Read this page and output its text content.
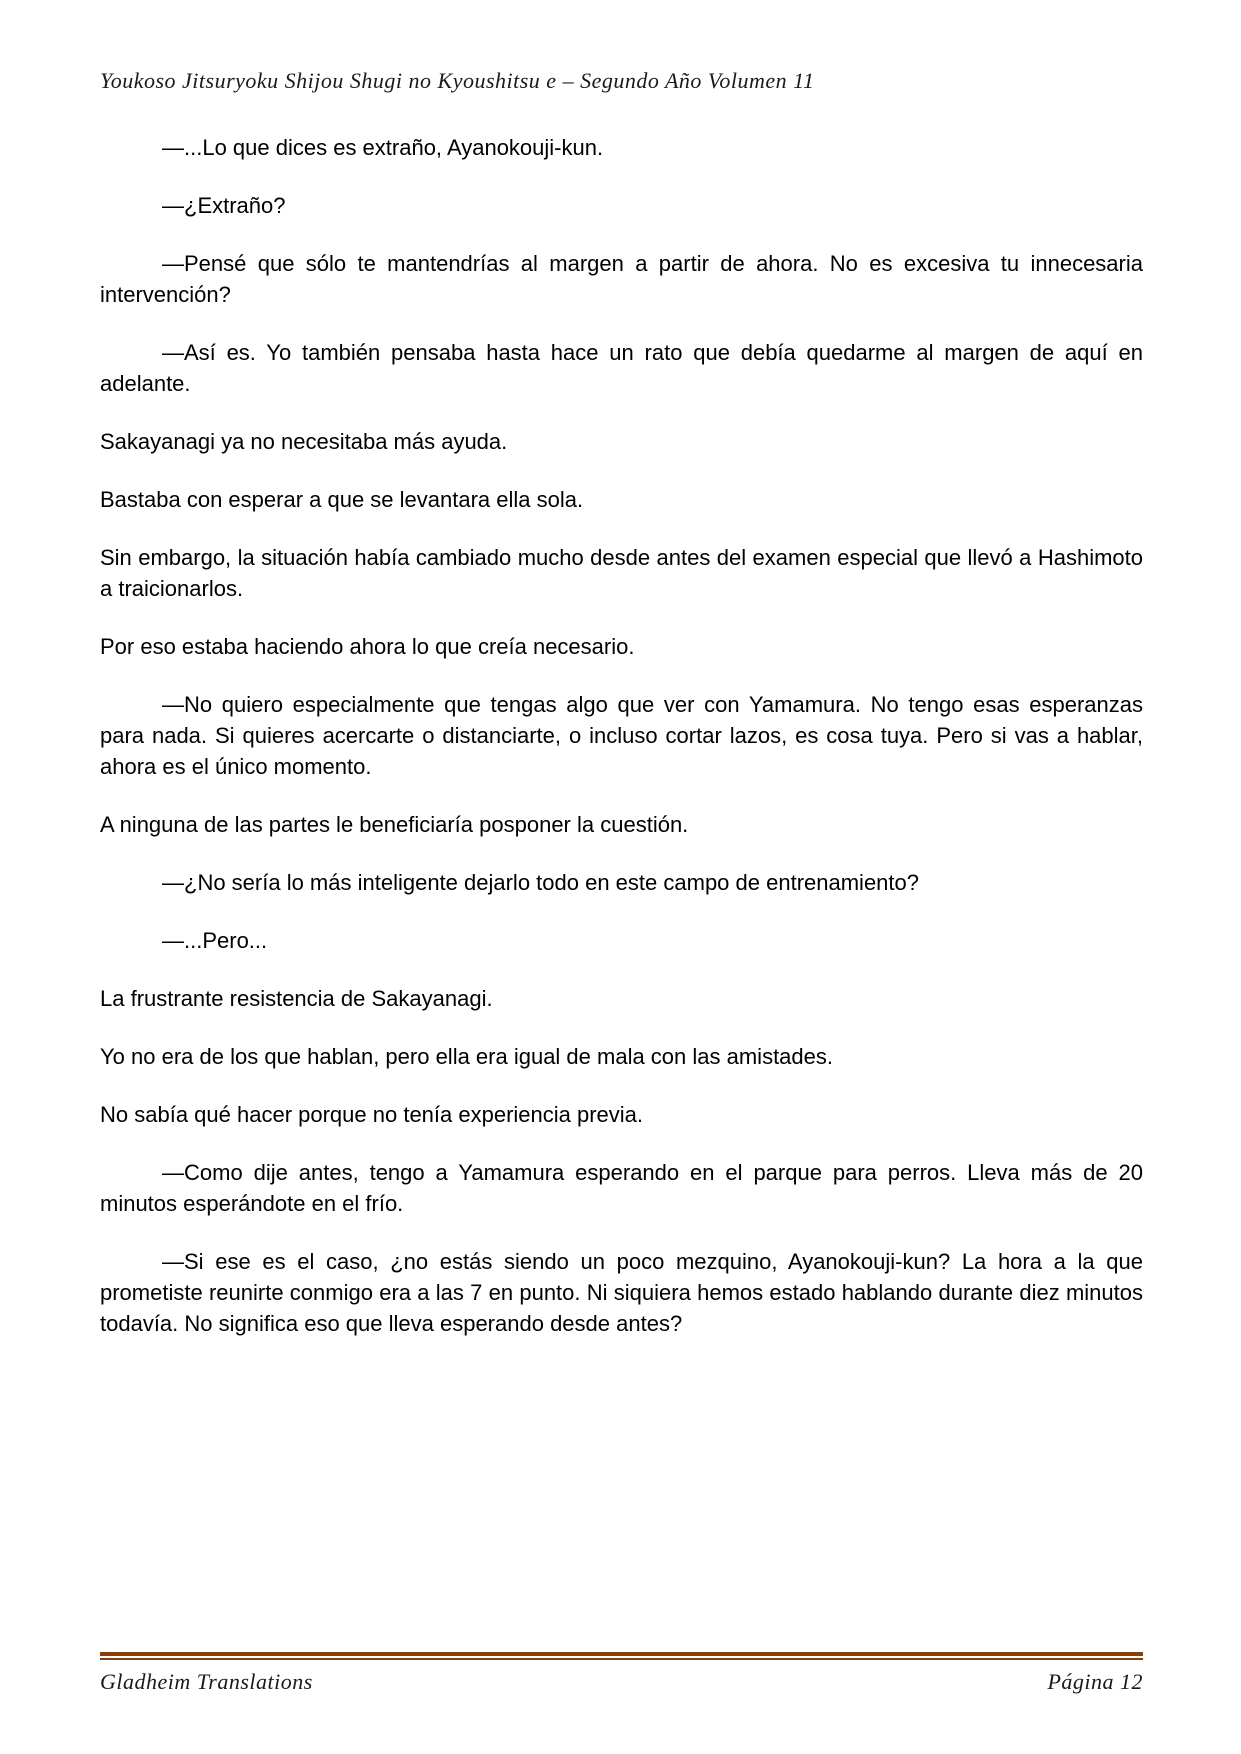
Youkoso Jitsuryoku Shijou Shugi no Kyoushitsu e – Segundo Año Volumen 11

—...Lo que dices es extraño, Ayanokouji-kun.

—¿Extraño?

—Pensé que sólo te mantendrías al margen a partir de ahora. No es excesiva tu innecesaria intervención?

—Así es. Yo también pensaba hasta hace un rato que debía quedarme al margen de aquí en adelante.

Sakayanagi ya no necesitaba más ayuda.

Bastaba con esperar a que se levantara ella sola.

Sin embargo, la situación había cambiado mucho desde antes del examen especial que llevó a Hashimoto a traicionarlos.

Por eso estaba haciendo ahora lo que creía necesario.

—No quiero especialmente que tengas algo que ver con Yamamura. No tengo esas esperanzas para nada. Si quieres acercarte o distanciarte, o incluso cortar lazos, es cosa tuya. Pero si vas a hablar, ahora es el único momento.

A ninguna de las partes le beneficiaría posponer la cuestión.

—¿No sería lo más inteligente dejarlo todo en este campo de entrenamiento?

—...Pero...

La frustrante resistencia de Sakayanagi.

Yo no era de los que hablan, pero ella era igual de mala con las amistades.

No sabía qué hacer porque no tenía experiencia previa.

—Como dije antes, tengo a Yamamura esperando en el parque para perros. Lleva más de 20 minutos esperándote en el frío.

—Si ese es el caso, ¿no estás siendo un poco mezquino, Ayanokouji-kun? La hora a la que prometiste reunirte conmigo era a las 7 en punto. Ni siquiera hemos estado hablando durante diez minutos todavía. No significa eso que lleva esperando desde antes?

Gladheim Translations	Página 12
